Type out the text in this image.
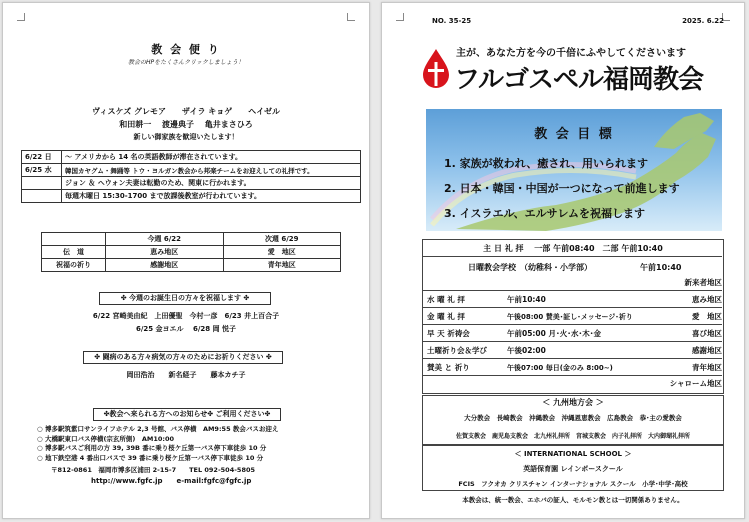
教 会 便 り
教会のHPをたくさんクリックしましょう！
ヴィスケズ グレモア　　ザイラ キョゲ　　ヘイゼル
和田耕一　 渡邊典子　 亀井まさひろ
新しい御家族を歓迎いたします！
6/22 日	～ アメリカから 14 名の英語教師が滞在されています。
6/25 水	韓国カヤグム・舞踊等 トウ・ヨルガン教会から邦楽チームをお迎えしての礼拝です。
	ジョン ＆ ヘウォン夫妻は転勤のため、関東に行かれます。
	毎週木曜日 15:30-1700 まで放課後教室が行われています。
	今週 6/22	次週 6/29
伝　道	恵み地区	愛　地区
祝福の祈り	感謝地区	青年地区
✤ 今週のお誕生日の方々を祝福します ✤
6/22 宮崎美由紀　上田優聖　今村一彦　6/23 井上百合子
6/25 金ヨエル　 6/28 岡 悦子
✤ 闘病のある方々病気の方々のためにお祈りください ✤
岡田浩治　　新名経子　　藤本カチ子
✤教会へ来られる方へのお知らせ✤ ご利用ください✤
○ 博多駅筑紫口サンライフホテル 2,3 号館、バス停横　AM9:55 教会バスお迎え
○ 大橋駅東口バス停横(宗玄所側)　AM10:00
○ 博多駅バスご利用の方 39, 39B 番に乗り桜ケ丘第一バス停下車徒歩 10 分
○ 地下鉄空港 4 番出口バスで 39 番に乗り桜ケ丘第一バス停下車徒歩 10 分
〒812-0861　福岡市博多区浦田 2-15-7　　TEL 092-504-5805
http://www.fgfc.jp　　e-mail:fgfc@fgfc.jp
NO. 35-25	2025. 6.22
主が、あなた方を今の千倍にふやしてくださいます
フルゴスペル福岡教会
教 会 目 標
1. 家族が救われ、癒され、用いられます
2. 日本・韓国・中国が一つになって前進します
3. イスラエル、エルサレムを祝福します
主 日 礼 拝　 一部 午前08:40　二部 午前10:40
日曜教会学校　（幼稚科・小学部）	午前10:40
新来者地区
水 曜 礼 拝	午前10:40	恵み地区
金 曜 礼 拝	午後08:00 賛美･証し･メッセージ･祈り	愛　地区
早 天 祈祷会	午前05:00 月･火･水･木･金	喜び地区
土曜祈り会＆学び	午後02:00	感謝地区
賛美 と 祈り	午後07:00 毎日(金のみ 8:00~)	青年地区
シャローム地区
＜ 九州地方会 ＞
大分教会　長崎教会　沖縄教会　沖縄恩恵教会　広島教会　恭･主の愛教会
佐賀支教会　鹿児島支教会　北九州礼拝所　宮城支教会　内子礼拝所　大内御瑚礼拝所
＜ INTERNATIONAL SCHOOL ＞
英語保育園 レインボースクール
FCIS　フクオカ クリスチャン インターナショナル スクール　小学･中学･高校
本教会は、統一教会、エホバの証人、モルモン教とは一切関係ありません。
